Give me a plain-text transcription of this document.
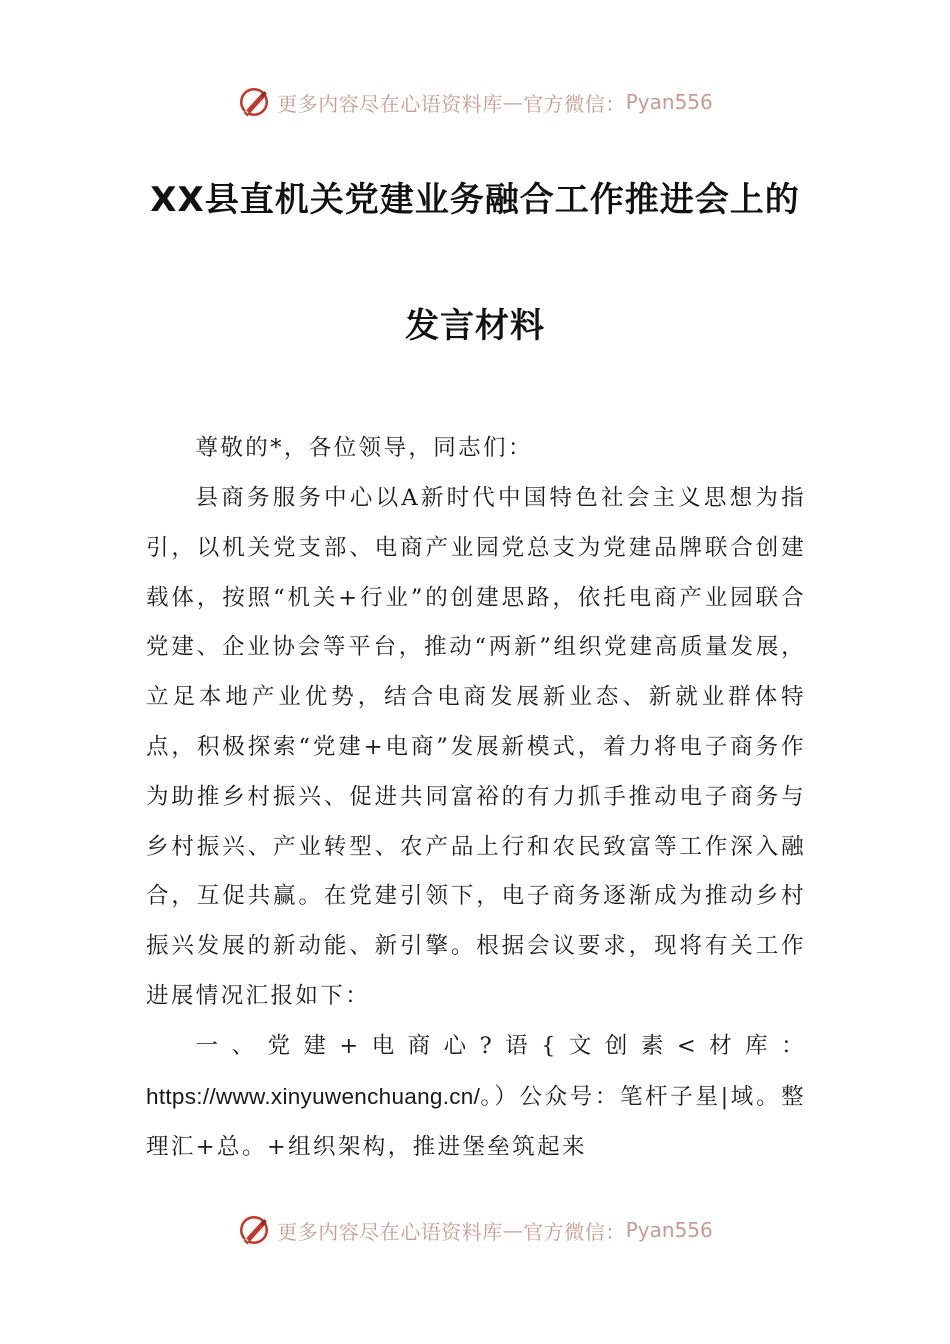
更多内容尽在心语资料库 — 官方微信： Pyan556
XX县直机关党建业务融合工作推进会上的
发言材料

尊敬的*，各位领导，同志们：

县商务服务中心以A新时代中国特色社会主义思想为指引，以机关党支部、电商产业园党总支为党建品牌联合创建载体，按照“机关+行业”的创建思路，依托电商产业园联合党建、企业协会等平台，推动“两新”组织党建高质量发展，立足本地产业优势，结合电商发展新业态、新就业群体特点，积极探索“党建+电商”发展新模式，着力将电子商务作为助推乡村振兴、促进共同富裕的有力抓手推动电子商务与乡村振兴、产业转型、农产品上行和农民致富等工作深入融合，互促共赢。在党建引领下，电子商务逐渐成为推动乡村振兴发展的新动能、新引擎。根据会议要求，现将有关工作进展情况汇报如下：

一、党建+电商心?语{文创素<材库：https://www.xinyuwenchuang.cn/。）公众号：笔杆子星|域。整理汇+总。+组织架构，推进堡垒筑起来

更多内容尽在心语资料库 — 官方微信： Pyan556
